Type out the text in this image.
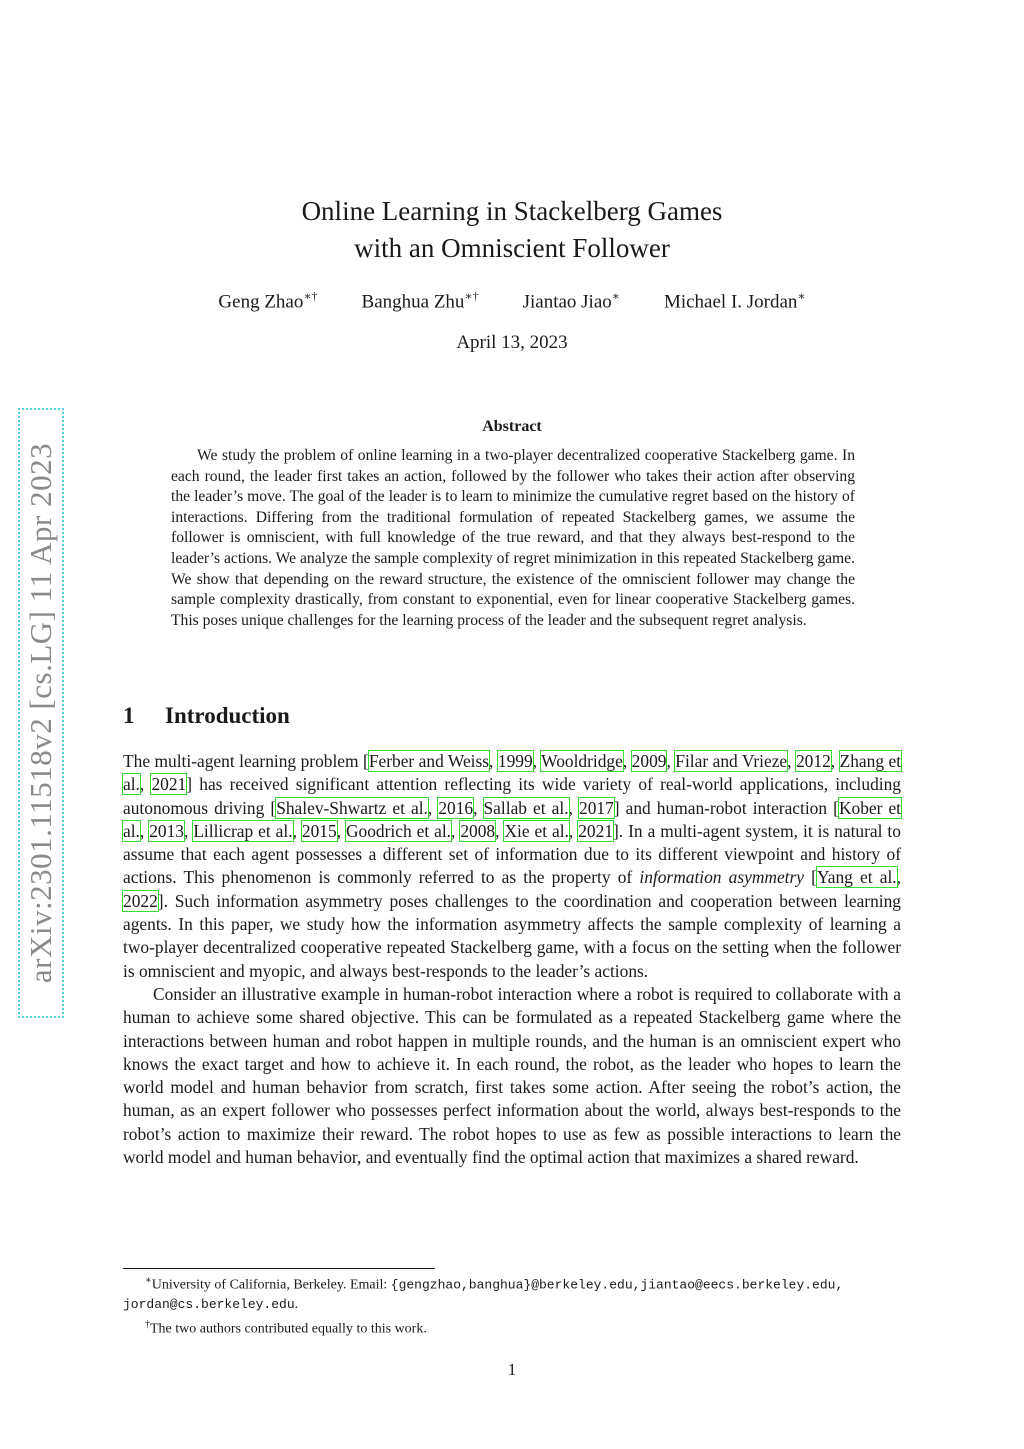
arXiv:2301.11518v2 [cs.LG] 11 Apr 2023
Online Learning in Stackelberg Games
with an Omniscient Follower
Geng Zhao∗† Banghua Zhu∗† Jiantao Jiao∗ Michael I. Jordan∗
April 13, 2023
Abstract
We study the problem of online learning in a two-player decentralized cooperative Stackelberg game. In each round, the leader first takes an action, followed by the follower who takes their action after observing the leader’s move. The goal of the leader is to learn to minimize the cumulative regret based on the history of interactions. Differing from the traditional formulation of repeated Stackelberg games, we assume the follower is omniscient, with full knowledge of the true reward, and that they always best-respond to the leader’s actions. We analyze the sample complexity of regret minimization in this repeated Stackelberg game. We show that depending on the reward structure, the existence of the omniscient follower may change the sample complexity drastically, from constant to exponential, even for linear cooperative Stackelberg games. This poses unique challenges for the learning process of the leader and the subsequent regret analysis.
1 Introduction

The multi-agent learning problem [Ferber and Weiss, 1999, Wooldridge, 2009, Filar and Vrieze, 2012, Zhang et al., 2021] has received significant attention reflecting its wide variety of real-world applications, including autonomous driving [Shalev-Shwartz et al., 2016, Sallab et al., 2017] and human-robot interaction [Kober et al., 2013, Lillicrap et al., 2015, Goodrich et al., 2008, Xie et al., 2021]. In a multi-agent system, it is natural to assume that each agent possesses a different set of information due to its different viewpoint and history of actions. This phenomenon is commonly referred to as the property of information asymmetry [Yang et al., 2022]. Such information asymmetry poses challenges to the coordination and cooperation between learning agents. In this paper, we study how the information asymmetry affects the sample complexity of learning a two-player decentralized cooperative repeated Stackelberg game, with a focus on the setting when the follower is omniscient and myopic, and always best-responds to the leader’s actions.

Consider an illustrative example in human-robot interaction where a robot is required to collaborate with a human to achieve some shared objective. This can be formulated as a repeated Stackelberg game where the interactions between human and robot happen in multiple rounds, and the human is an omniscient expert who knows the exact target and how to achieve it. In each round, the robot, as the leader who hopes to learn the world model and human behavior from scratch, first takes some action. After seeing the robot’s action, the human, as an expert follower who possesses perfect information about the world, always best-responds to the robot’s action to maximize their reward. The robot hopes to use as few as possible interactions to learn the world model and human behavior, and eventually find the optimal action that maximizes a shared reward.

∗University of California, Berkeley. Email: {gengzhao,banghua}@berkeley.edu,jiantao@eecs.berkeley.edu,

jordan@cs.berkeley.edu.

†The two authors contributed equally to this work.

1
